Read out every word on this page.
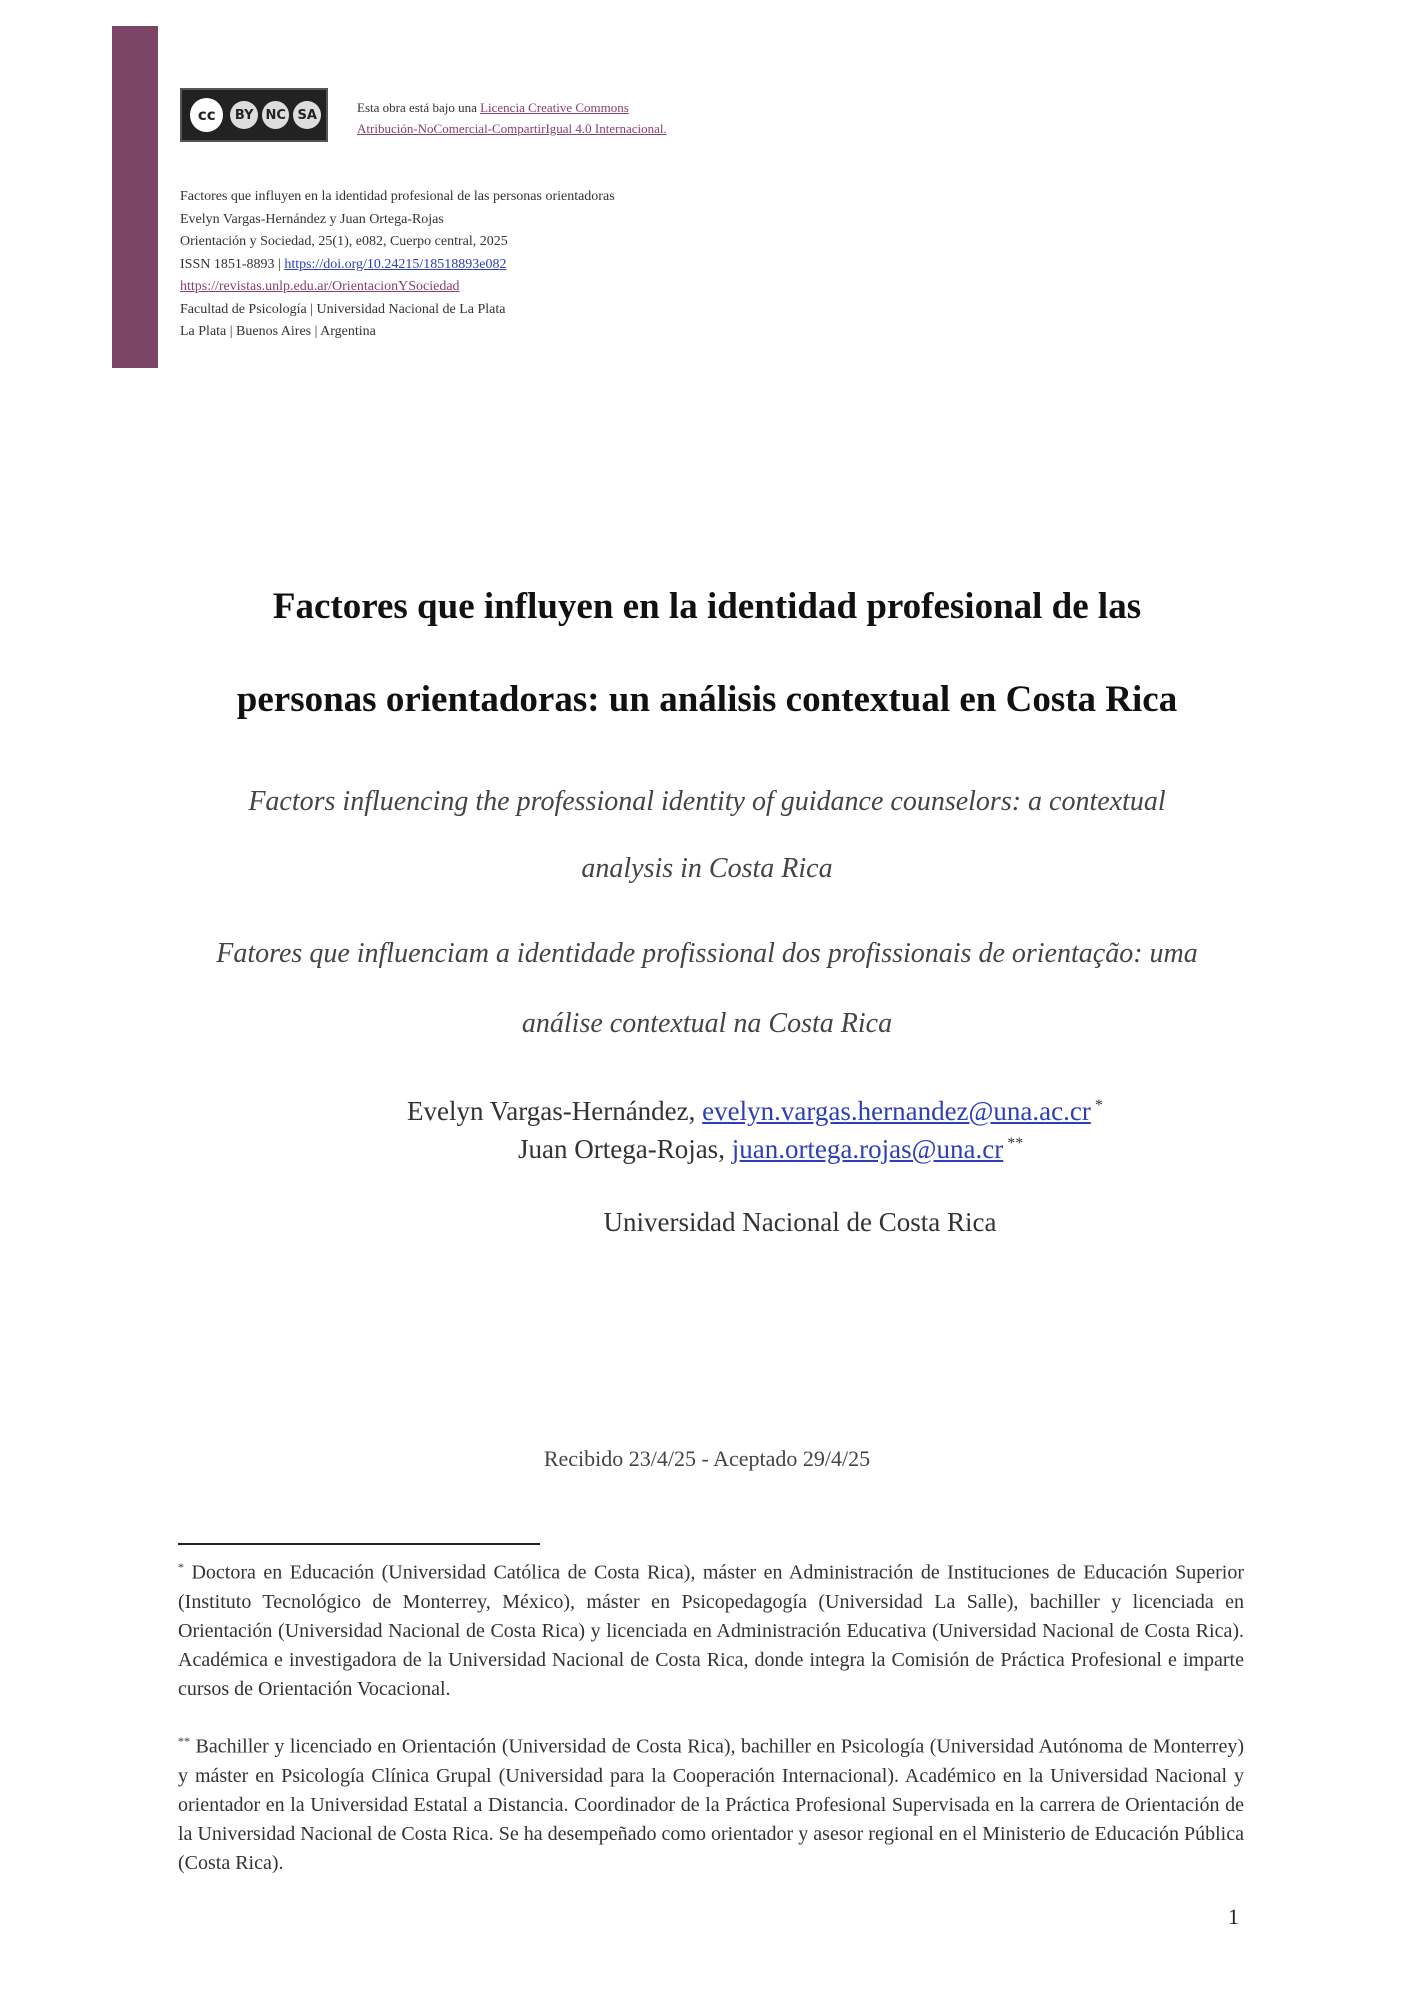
cc BY NC SA	Esta obra está bajo una Licencia Creative Commons
Atribución-NoComercial-CompartirIgual 4.0 Internacional.
Factores que influyen en la identidad profesional de las personas orientadoras
Evelyn Vargas-Hernández y Juan Ortega-Rojas
Orientación y Sociedad, 25(1), e082, Cuerpo central, 2025
ISSN 1851-8893 | https://doi.org/10.24215/18518893e082
https://revistas.unlp.edu.ar/OrientacionYSociedad
Facultad de Psicología | Universidad Nacional de La Plata
La Plata | Buenos Aires | Argentina
Factores que influyen en la identidad profesional de las
personas orientadoras: un análisis contextual en Costa Rica
Factors influencing the professional identity of guidance counselors: a contextual
analysis in Costa Rica
Fatores que influenciam a identidade profissional dos profissionais de orientação: uma
análise contextual na Costa Rica
Evelyn Vargas-Hernández, evelyn.vargas.hernandez@una.ac.cr *
Juan Ortega-Rojas, juan.ortega.rojas@una.cr **
Universidad Nacional de Costa Rica
Recibido 23/4/25 - Aceptado 29/4/25
* Doctora en Educación (Universidad Católica de Costa Rica), máster en Administración de Instituciones de Educación Superior (Instituto Tecnológico de Monterrey, México), máster en Psicopedagogía (Universidad La Salle), bachiller y licenciada en Orientación (Universidad Nacional de Costa Rica) y licenciada en Administración Educativa (Universidad Nacional de Costa Rica). Académica e investigadora de la Universidad Nacional de Costa Rica, donde integra la Comisión de Práctica Profesional e imparte cursos de Orientación Vocacional.
** Bachiller y licenciado en Orientación (Universidad de Costa Rica), bachiller en Psicología (Universidad Autónoma de Monterrey) y máster en Psicología Clínica Grupal (Universidad para la Cooperación Internacional). Académico en la Universidad Nacional y orientador en la Universidad Estatal a Distancia. Coordinador de la Práctica Profesional Supervisada en la carrera de Orientación de la Universidad Nacional de Costa Rica. Se ha desempeñado como orientador y asesor regional en el Ministerio de Educación Pública (Costa Rica).
1
